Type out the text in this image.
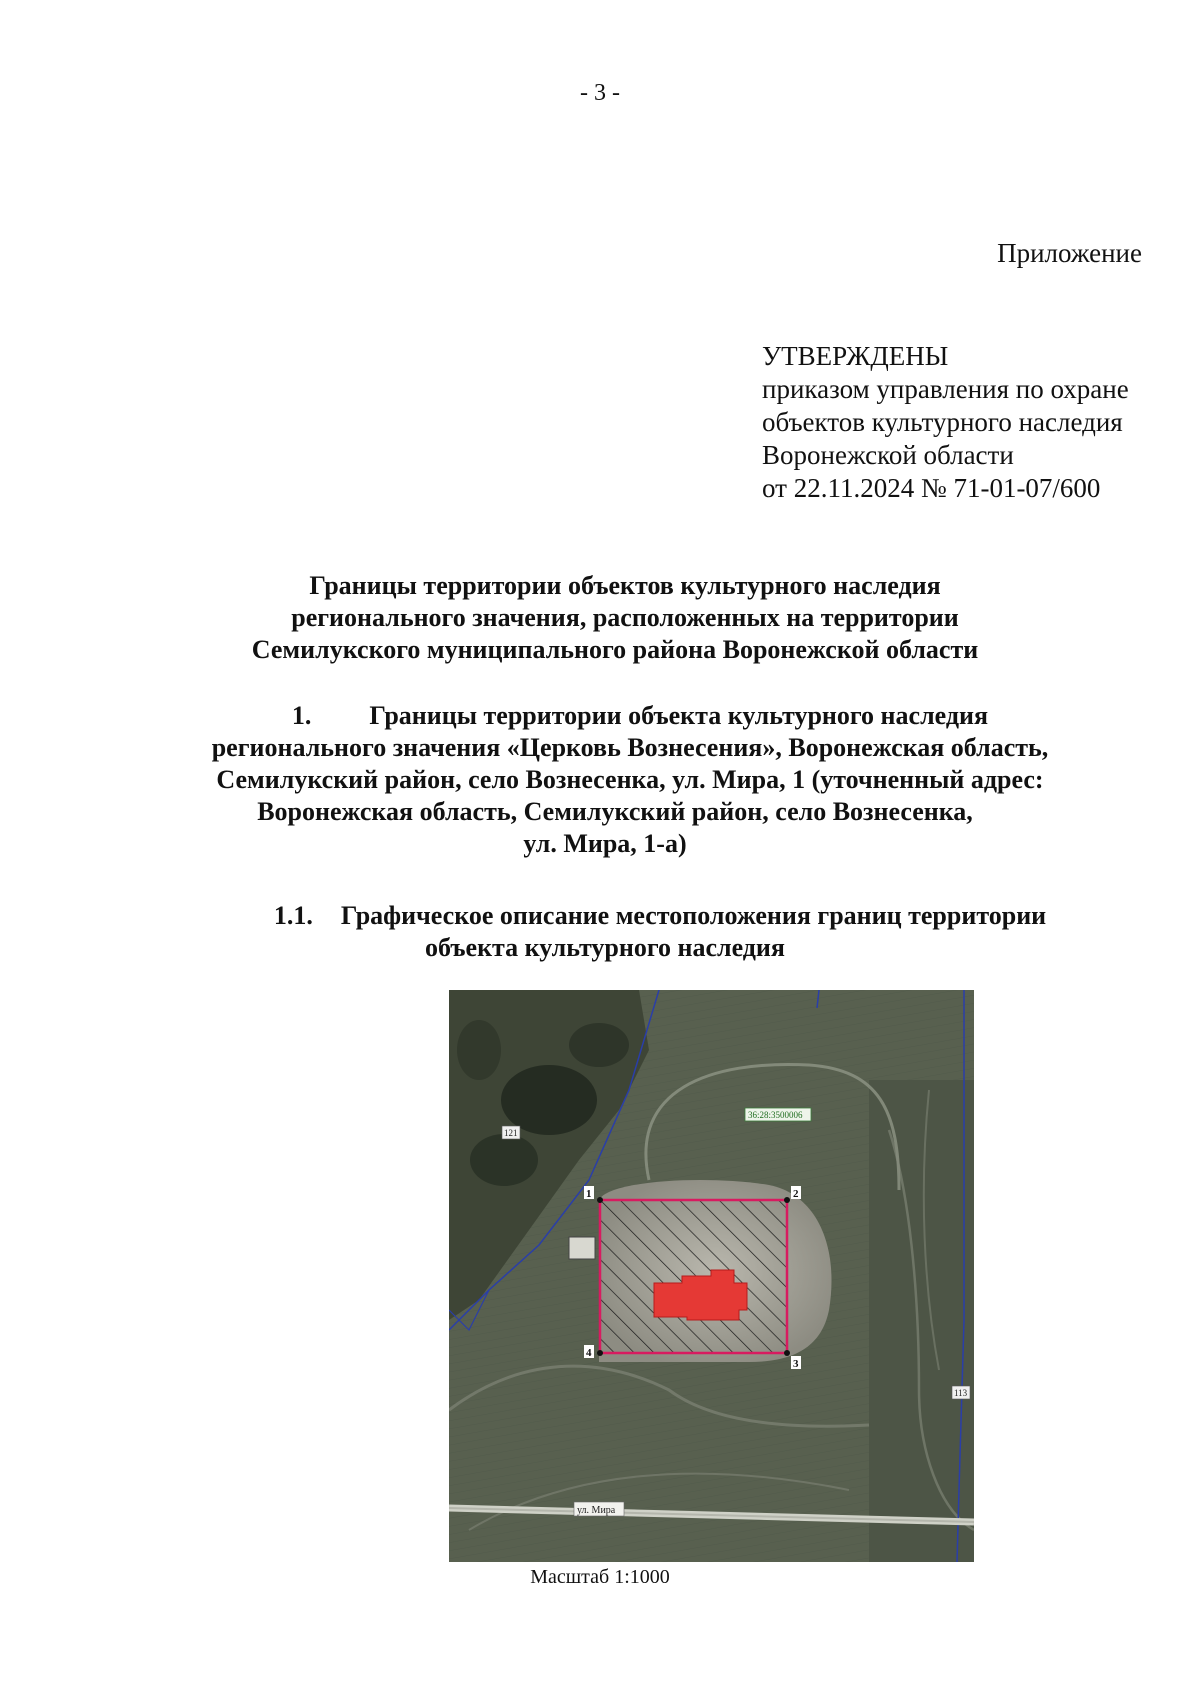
- 3 -
Приложение
УТВЕРЖДЕНЫ
приказом управления по охране
объектов культурного наследия
Воронежской области
от 22.11.2024 № 71-01-07/600
Границы территории объектов культурного наследия
регионального значения, расположенных на территории
Семилукского муниципального района Воронежской области
1. Границы территории объекта культурного наследия
регионального значения «Церковь Вознесения», Воронежская область,
Семилукский район, село Вознесенка, ул. Мира, 1 (уточненный адрес:
Воронежская область, Семилукский район, село Вознесенка,
ул. Мира, 1-а)
1.1. Графическое описание местоположения границ территории
объекта культурного наследия
36:28:3500006
121
113
ул. Мира
1	2
3
4
Масштаб 1:1000
